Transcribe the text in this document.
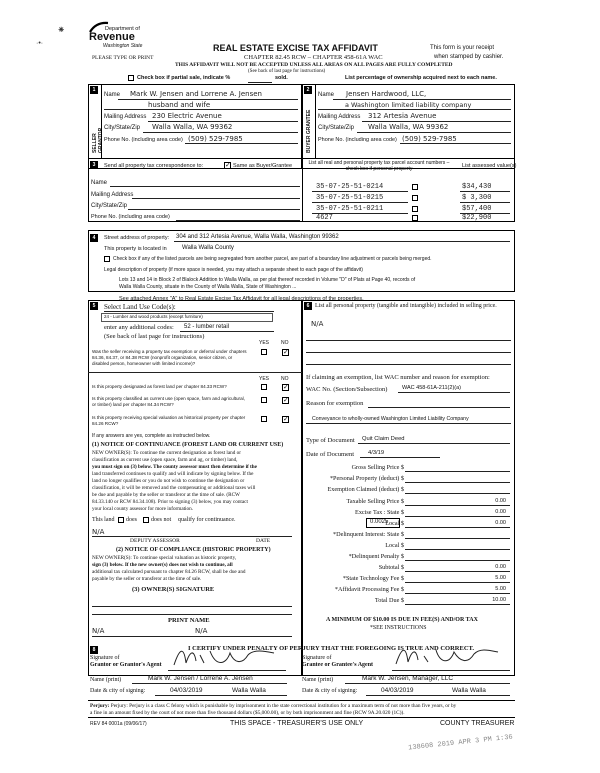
⁕
·•·
Department of
Revenue
Washington State
PLEASE TYPE OR PRINT
REAL ESTATE EXCISE TAX AFFIDAVIT
CHAPTER 82.45 RCW – CHAPTER 458-61A WAC
THIS AFFIDAVIT WILL NOT BE ACCEPTED UNLESS ALL AREAS ON ALL PAGES ARE FULLY COMPLETED
(See back of last page for instructions)
This form is your receipt
when stamped by cashier.
Check box if partial sale, indicate %	sold.	List percentage of ownership acquired next to each name.
1	2
SELLER GRANTOR	BUYER GRANTEE
Name Mark W. Jensen and Lorrene A. Jensen
husband and wife
Mailing Address 230 Electric Avenue
City/State/Zip Walla Walla, WA 99362
Phone No. (including area code) (509) 529-7985
Name Jensen Hardwood, LLC,
a Washington limited liability company
Mailing Address 312 Artesia Avenue
City/State/Zip Walla Walla, WA 99362
Phone No. (including area code) (509) 529-7985
3	Send all property tax correspondence to:	✓ Same as Buyer/Grantee
Name
Mailing Address
City/State/Zip
Phone No. (including area code)
List all real and personal property tax parcel account numbers – check box if personal property	List assessed value(s)
35-07-25-51-0214	$34,430
35-07-25-51-0215	$ 3,300
35-07-25-51-0211	$57,400
4627	$22,900
4	Street address of property: 304 and 312 Artesia Avenue, Walla Walla, Washington 99362
This property is located in	Walla Walla County
Check box if any of the listed parcels are being segregated from another parcel, are part of a boundary line adjustment or parcels being merged.
Legal description of property (if more space is needed, you may attach a separate sheet to each page of the affidavit)
Lots 13 and 14 in Block 2 of Blalock Addition to Walla Walla, as per plat thereof recorded in Volume "D" of Plats at Page 40, records of
Walla Walla County, situate in the County of Walla Walla, State of Washington ...
See attached Annex "A" to Real Estate Excise Tax Affidavit for all legal descriptions of the properties.
5	Select Land Use Code(s):
24 - Lumber and wood products (except furniture)
enter any additional codes: 52 - lumber retail
(See back of last page for instructions)
YES NO
Was the seller receiving a property tax exemption or deferral under chapters 84.36, 84.37, or 84.38 RCW (nonprofit organization, senior citizen, or disabled person, homeowner with limited income)?
✓
YES NO
Is this property designated as forest land per chapter 84.33 RCW?	✓
Is this property classified as current use (open space, farm and agricultural, or timber) land per chapter 84.34 RCW?
✓
Is this property receiving special valuation as historical property per chapter 84.26 RCW?
✓
If any answers are yes, complete as instructed below.
(1) NOTICE OF CONTINUANCE (FOREST LAND OR CURRENT USE)
NEW OWNER(S): To continue the current designation as forest land or
classification as current use (open space, farm and ag, or timber) land,
you must sign on (3) below. The county assessor must then determine if the
land transferred continues to qualify and will indicate by signing below. If the
land no longer qualifies or you do not wish to continue the designation or
classification, it will be removed and the compensating or additional taxes will
be due and payable by the seller or transferor at the time of sale. (RCW
84.33.140 or RCW 84.34.108). Prior to signing (3) below, you may contact
your local county assessor for more information.
This land does does not qualify for continuance.
N/A
DEPUTY ASSESSOR	DATE
(2) NOTICE OF COMPLIANCE (HISTORIC PROPERTY)
NEW OWNER(S): To continue special valuation as historic property,
sign (3) below. If the new owner(s) does not wish to continue, all
additional tax calculated pursuant to chapter 84.26 RCW, shall be due and
payable by the seller or transferor at the time of sale.
(3) OWNER(S) SIGNATURE
PRINT NAME
N/A	N/A
6 List all personal property (tangible and intangible) included in selling price.
N/A
If claiming an exemption, list WAC number and reason for exemption:
WAC No. (Section/Subsection)	WAC 458-61A-211(2)(a)
Reason for exemption
Conveyance to wholly-owned Washington Limited Liability Company
Type of Document Quit Claim Deed
Date of Document 4/3/19
Gross Selling Price $
*Personal Property (deduct) $
Exemption Claimed (deduct) $
Taxable Selling Price $	0.00
Excise Tax : State $	0.00
0.0025
Local $	0.00
*Delinquent Interest: State $
Local $
*Delinquent Penalty $
Subtotal $	0.00
*State Technology Fee $	5.00
*Affidavit Processing Fee $	5.00
Total Due $	10.00
A MINIMUM OF $10.00 IS DUE IN FEE(S) AND/OR TAX
*SEE INSTRUCTIONS
8	I CERTIFY UNDER PENALTY OF PERJURY THAT THE FOREGOING IS TRUE AND CORRECT.
Signature of
Grantor or Grantor's Agent
Signature of
Grantee or Grantee's Agent
Name (print)	Mark W. Jensen / Lorrene A. Jensen	Name (print)	Mark W. Jensen, Manager, LLC
Date & city of signing:	04/03/2019	Walla Walla	Date & city of signing:	04/03/2019	Walla Walla
Perjury: Perjury: Perjury is a class C felony which is punishable by imprisonment in the state correctional institution for a maximum term of not more than five years, or by
a fine in an amount fixed by the court of not more than five thousand dollars ($5,000.00), or by both imprisonment and fine (RCW 9A.20.020 (1C)).
REV 84 0001a (09/06/17)	THIS SPACE - TREASURER'S USE ONLY	COUNTY TREASURER
138608 2019 APR 3 PM 1:36
